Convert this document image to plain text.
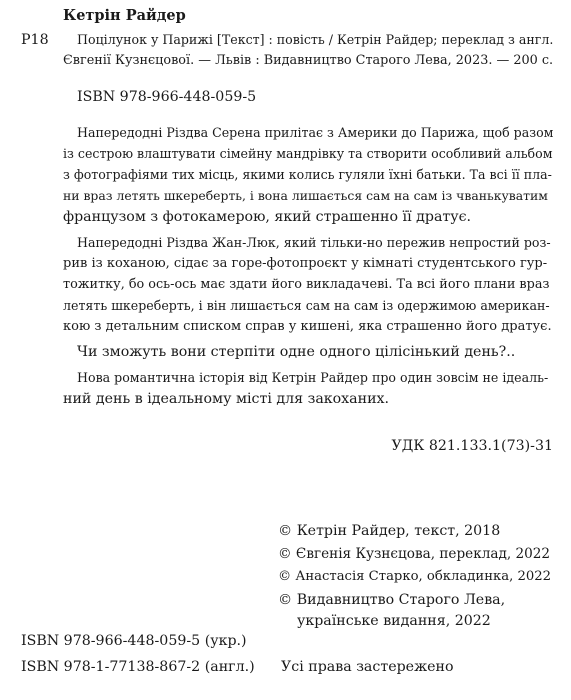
Кетрін Райдер
Р18 Поцілунок у Парижі [Текст] : повість / Кетрін Райдер; переклад з англ.
Євгенії Кузнєцової. — Львів : Видавництво Старого Лева, 2023. — 200 с.
ISBN 978-966-448-059-5
Напередодні Різдва Серена прилітає з Америки до Парижа, щоб разом
із сестрою влаштувати сімейну мандрівку та створити особливий альбом
з фотографіями тих місць, якими колись гуляли їхні батьки. Та всі її пла-
ни враз летять шкереберть, і вона лишається сам на сам із чванькуватим
французом з фотокамерою, який страшенно її дратує.
Напередодні Різдва Жан-Люк, який тільки-но пережив непростий роз-
рив із коханою, сідає за горе-фотопроєкт у кімнаті студентського гур-
тожитку, бо ось-ось має здати його викладачеві. Та всі його плани враз
летять шкереберть, і він лишається сам на сам із одержимою американ-
кою з детальним списком справ у кишені, яка страшенно його дратує.
Чи зможуть вони стерпіти одне одного цілісінький день?..
Нова романтична історія від Кетрін Райдер про один зовсім не ідеаль-
ний день в ідеальному місті для закоханих.
УДК 821.133.1(73)-31
© Кетрін Райдер, текст, 2018
© Євгенія Кузнєцова, переклад, 2022
© Анастасія Старко, обкладинка, 2022
© Видавництво Старого Лева,
українське видання, 2022
ISBN 978-966-448-059-5 (укр.)
ISBN 978-1-77138-867-2 (англ.) Усі права застережено
